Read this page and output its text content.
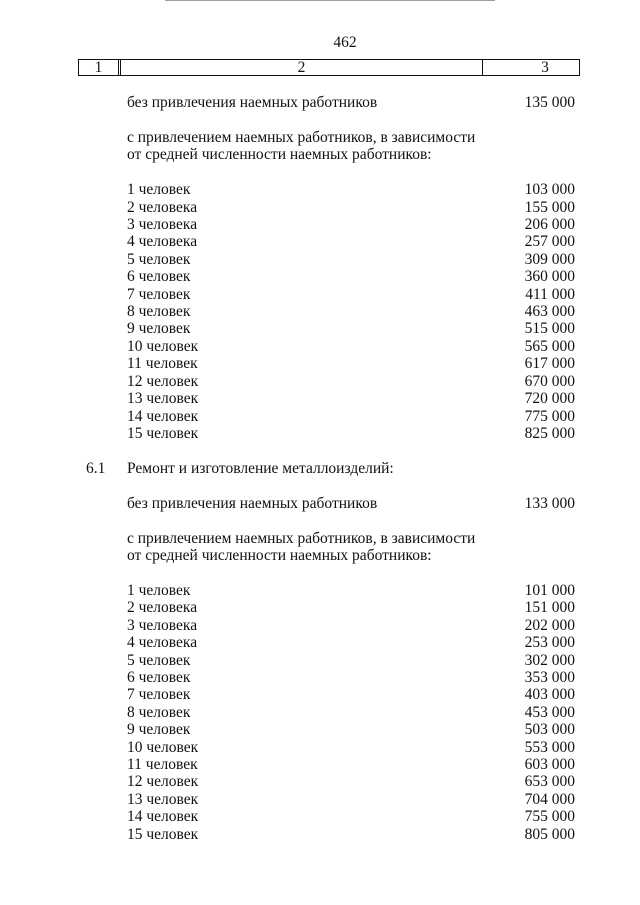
462
1	2	3
без привлечения наемных работников	135 000
с привлечением наемных работников, в зависимости
от средней численности наемных работников:
1 человек	103 000
2 человека	155 000
3 человека	206 000
4 человека	257 000
5 человек	309 000
6 человек	360 000
7 человек	411 000
8 человек	463 000
9 человек	515 000
10 человек	565 000
11 человек	617 000
12 человек	670 000
13 человек	720 000
14 человек	775 000
15 человек	825 000
6.1 Ремонт и изготовление металлоизделий:
без привлечения наемных работников	133 000
с привлечением наемных работников, в зависимости
от средней численности наемных работников:
1 человек	101 000
2 человека	151 000
3 человека	202 000
4 человека	253 000
5 человек	302 000
6 человек	353 000
7 человек	403 000
8 человек	453 000
9 человек	503 000
10 человек	553 000
11 человек	603 000
12 человек	653 000
13 человек	704 000
14 человек	755 000
15 человек	805 000
